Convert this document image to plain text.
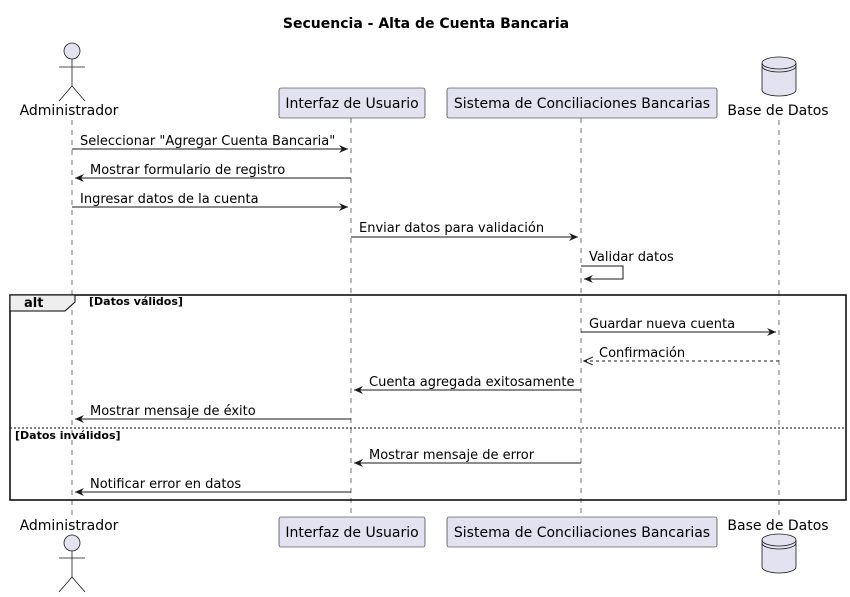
Secuencia - Alta de Cuenta Bancaria
Administrador	Interfaz de Usuario	Sistema de Conciliaciones Bancarias Base de Datos
Seleccionar "Agregar Cuenta Bancaria"
Mostrar formulario de registro
Ingresar datos de la cuenta
Enviar datos para validación
Validar datos
alt	[Datos válidos]
Guardar nueva cuenta
Confirmación
Cuenta agregada exitosamente
Mostrar mensaje de éxito
[Datos inválidos]
Mostrar mensaje de error
Notificar error en datos
Administrador	Interfaz de Usuario	Sistema de Conciliaciones Bancarias Base de Datos
